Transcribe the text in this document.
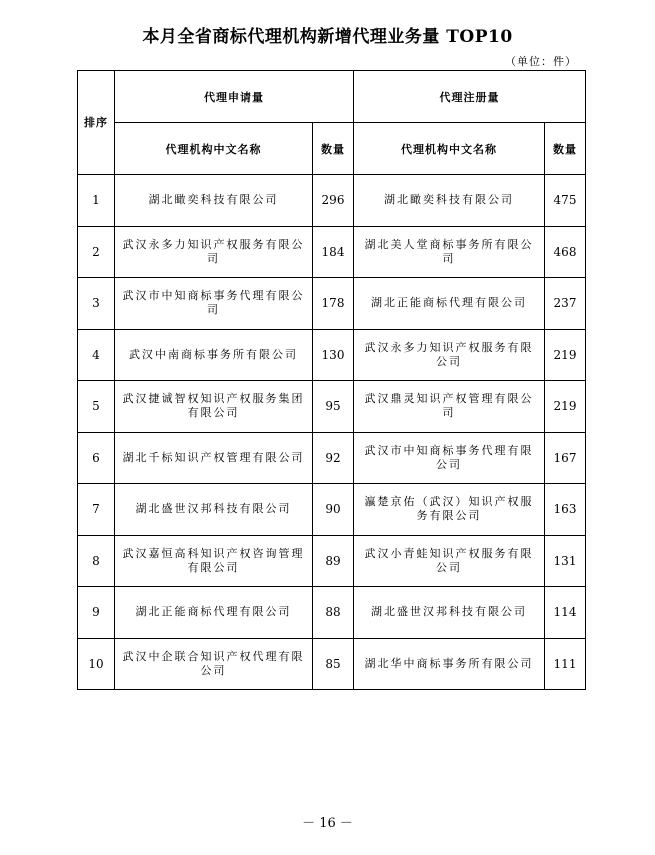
本月全省商标代理机构新增代理业务量 TOP10
（单位：件）
排序	代理申请量		代理注册量	
	代理机构中文名称	数量	代理机构中文名称	数量
1	湖北瞰奕科技有限公司	296	湖北瞰奕科技有限公司	475
2	武汉永多力知识产权服务有限公司	184	湖北美人堂商标事务所有限公司	468
3	武汉市中知商标事务代理有限公司	178	湖北正能商标代理有限公司	237
4	武汉中南商标事务所有限公司	130	武汉永多力知识产权服务有限公司	219
5	武汉捷诚智权知识产权服务集团有限公司	95	武汉鼎灵知识产权管理有限公司	219
6	湖北千标知识产权管理有限公司	92	武汉市中知商标事务代理有限公司	167
7	湖北盛世汉邦科技有限公司	90	瀛楚京佑（武汉）知识产权服务有限公司	163
8	武汉嘉恒高科知识产权咨询管理有限公司	89	武汉小青蛙知识产权服务有限公司	131
9	湖北正能商标代理有限公司	88	湖北盛世汉邦科技有限公司	114
10	武汉中企联合知识产权代理有限公司	85	湖北华中商标事务所有限公司	111
－ 16 －
